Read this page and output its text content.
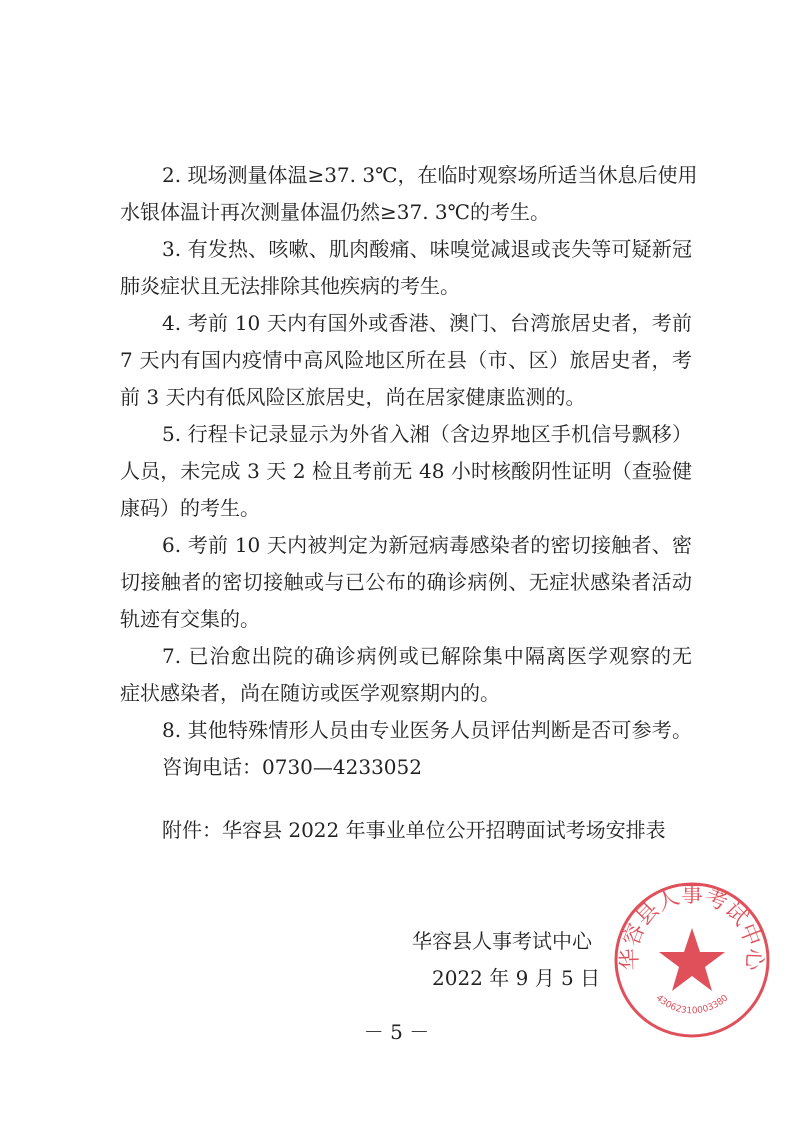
2. 现场测量体温≥37. 3℃，在临时观察场所适当休息后使用
水银体温计再次测量体温仍然≥37. 3℃的考生。
3. 有发热、咳嗽、肌肉酸痛、味嗅觉减退或丧失等可疑新冠
肺炎症状且无法排除其他疾病的考生。
4. 考前 10 天内有国外或香港、澳门、台湾旅居史者，考前
7 天内有国内疫情中高风险地区所在县（市、区）旅居史者，考
前 3 天内有低风险区旅居史，尚在居家健康监测的。
5. 行程卡记录显示为外省入湘（含边界地区手机信号飘移）
人员，未完成 3 天 2 检且考前无 48 小时核酸阴性证明（查验健
康码）的考生。
6. 考前 10 天内被判定为新冠病毒感染者的密切接触者、密
切接触者的密切接触或与已公布的确诊病例、无症状感染者活动
轨迹有交集的。
7. 已治愈出院的确诊病例或已解除集中隔离医学观察的无
症状感染者，尚在随访或医学观察期内的。
8. 其他特殊情形人员由专业医务人员评估判断是否可参考。
咨询电话：0730—4233052
附件：华容县 2022 年事业单位公开招聘面试考场安排表
华容县人事考试中心
2022 年 9 月 5 日
华容县人事考试中心
43062310003380
－ 5 －
